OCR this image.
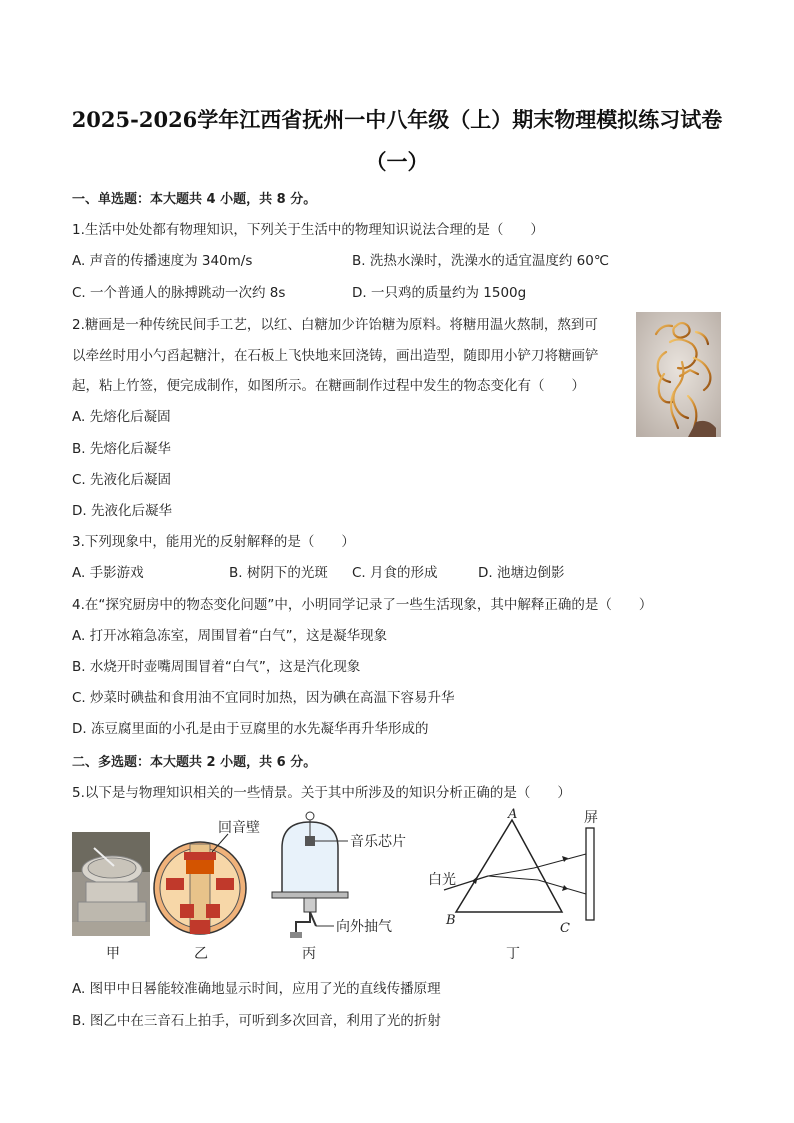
2025-2026学年江西省抚州一中八年级（上）期末物理模拟练习试卷
（一）
一、单选题：本大题共 4 小题，共 8 分。
1.生活中处处都有物理知识，下列关于生活中的物理知识说法合理的是（　　）
A. 声音的传播速度为 340m/s	B. 洗热水澡时，洗澡水的适宜温度约 60℃
C. 一个普通人的脉搏跳动一次约 8s	D. 一只鸡的质量约为 1500g
2.糖画是一种传统民间手工艺，以红、白糖加少许饴糖为原料。将糖用温火熬制，熬到可
以牵丝时用小勺舀起糖汁，在石板上飞快地来回浇铸，画出造型，随即用小铲刀将糖画铲
起，粘上竹签，便完成制作，如图所示。在糖画制作过程中发生的物态变化有（　　）
A. 先熔化后凝固
B. 先熔化后凝华
C. 先液化后凝固
D. 先液化后凝华
3.下列现象中，能用光的反射解释的是（　　）
A. 手影游戏	B. 树阴下的光斑 C. 月食的形成	D. 池塘边倒影
4.在“探究厨房中的物态变化问题”中，小明同学记录了一些生活现象，其中解释正确的是（　　）
A. 打开冰箱急冻室，周围冒着“白气”，这是凝华现象
B. 水烧开时壶嘴周围冒着“白气”，这是汽化现象
C. 炒菜时碘盐和食用油不宜同时加热，因为碘在高温下容易升华
D. 冻豆腐里面的小孔是由于豆腐里的水先凝华再升华形成的
二、多选题：本大题共 2 小题，共 6 分。
5.以下是与物理知识相关的一些情景。关于其中所涉及的知识分析正确的是（　　）
甲
回音壁
乙
音乐芯片
向外抽气
丙
A
B
C
白光
屏
丁
A. 图甲中日晷能较准确地显示时间，应用了光的直线传播原理
B. 图乙中在三音石上拍手，可听到多次回音，利用了光的折射
